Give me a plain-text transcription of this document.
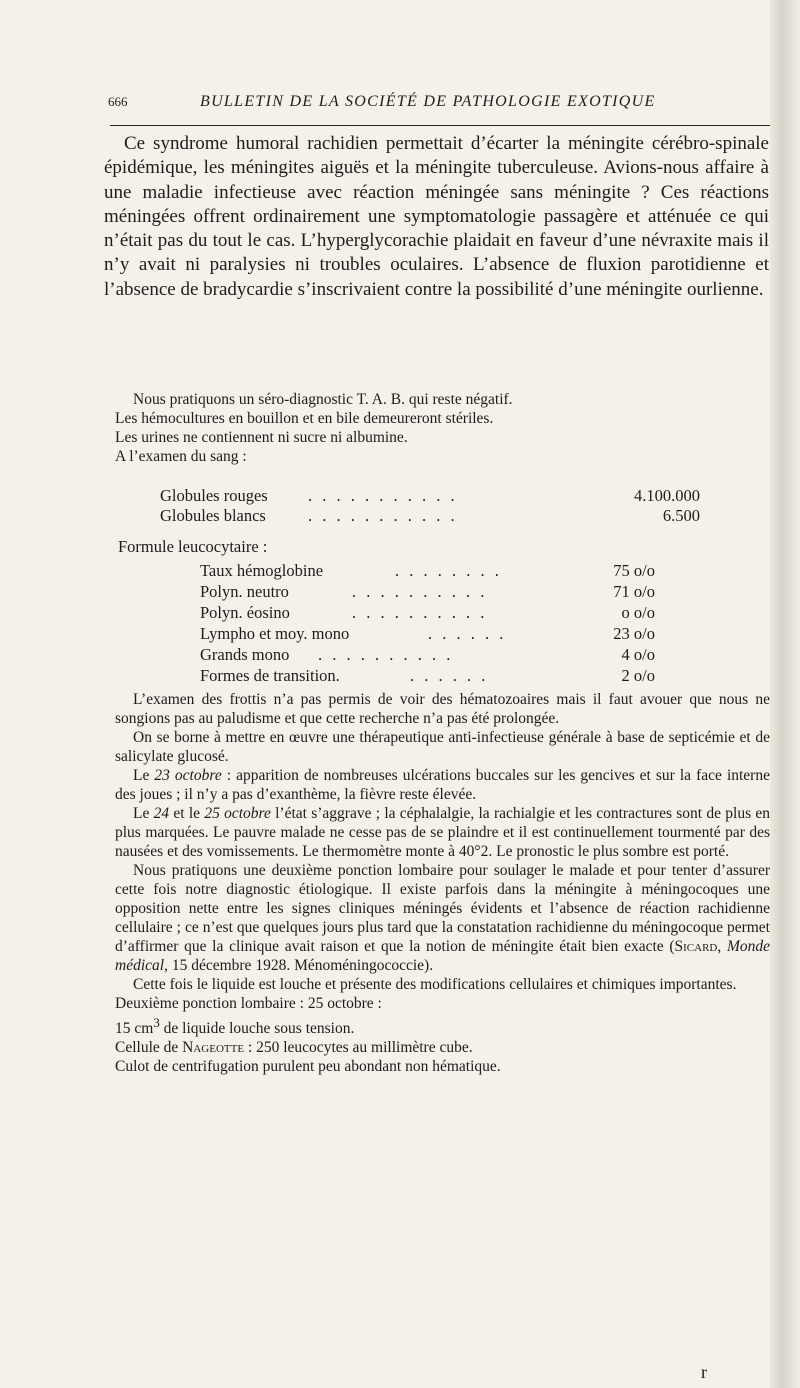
666	BULLETIN DE LA SOCIÉTÉ DE PATHOLOGIE EXOTIQUE

Ce syndrome humoral rachidien permettait d’écarter la méningite cérébro-spinale épidémique, les méningites aiguës et la méningite tuberculeuse. Avions-nous affaire à une maladie infectieuse avec réaction méningée sans méningite ? Ces réactions méningées offrent ordinairement une symptomatologie passagère et atténuée ce qui n’était pas du tout le cas. L’hyperglycorachie plaidait en faveur d’une névraxite mais il n’y avait ni paralysies ni troubles oculaires. L’absence de fluxion parotidienne et l’absence de bradycardie s’inscrivaient contre la possibilité d’une méningite ourlienne.

Nous pratiquons un séro-diagnostic T. A. B. qui reste négatif.

Les hémocultures en bouillon et en bile demeureront stériles.

Les urines ne contiennent ni sucre ni albumine.

A l’examen du sang :

Globules rouges . . . . . . . . . . .	4.100.000
Globules blancs	. . . . . . . . . . .	6.500
Formule leucocytaire :
Taux hémoglobine	. . . . . . . .	75 o/o
Polyn. neutro	. . . . . . . . . .	71 o/o
Polyn. éosino	. . . . . . . . . .	o o/o
Lympho et moy. mono	. . . . . .	23 o/o
Grands mono . . . . . . . . . .	4 o/o
Formes de transition.	. . . . . .	2 o/o

L’examen des frottis n’a pas permis de voir des hématozoaires mais il faut avouer que nous ne songions pas au paludisme et que cette recherche n’a pas été prolongée.

On se borne à mettre en œuvre une thérapeutique anti-infectieuse générale à base de septicémie et de salicylate glucosé.

Le 23 octobre : apparition de nombreuses ulcérations buccales sur les gencives et sur la face interne des joues ; il n’y a pas d’exanthème, la fièvre reste élevée.

Le 24 et le 25 octobre l’état s’aggrave ; la céphalalgie, la rachialgie et les contractures sont de plus en plus marquées. Le pauvre malade ne cesse pas de se plaindre et il est continuellement tourmenté par des nausées et des vomissements. Le thermomètre monte à 40°2. Le pronostic le plus sombre est porté.

Nous pratiquons une deuxième ponction lombaire pour soulager le malade et pour tenter d’assurer cette fois notre diagnostic étiologique. Il existe parfois dans la méningite à méningocoques une opposition nette entre les signes cliniques méningés évidents et l’absence de réaction rachidienne cellulaire ; ce n’est que quelques jours plus tard que la constatation rachidienne du méningocoque permet d’affirmer que la clinique avait raison et que la notion de méningite était bien exacte (Sicard, Monde médical, 15 décembre 1928. Ménoméningococcie).

Cette fois le liquide est louche et présente des modifications cellulaires et chimiques importantes.

Deuxième ponction lombaire : 25 octobre :

15 $cm^3$ de liquide louche sous tension.

Cellule de Nageotte : 250 leucocytes au millimètre cube.

Culot de centrifugation purulent peu abondant non hématique.

r
